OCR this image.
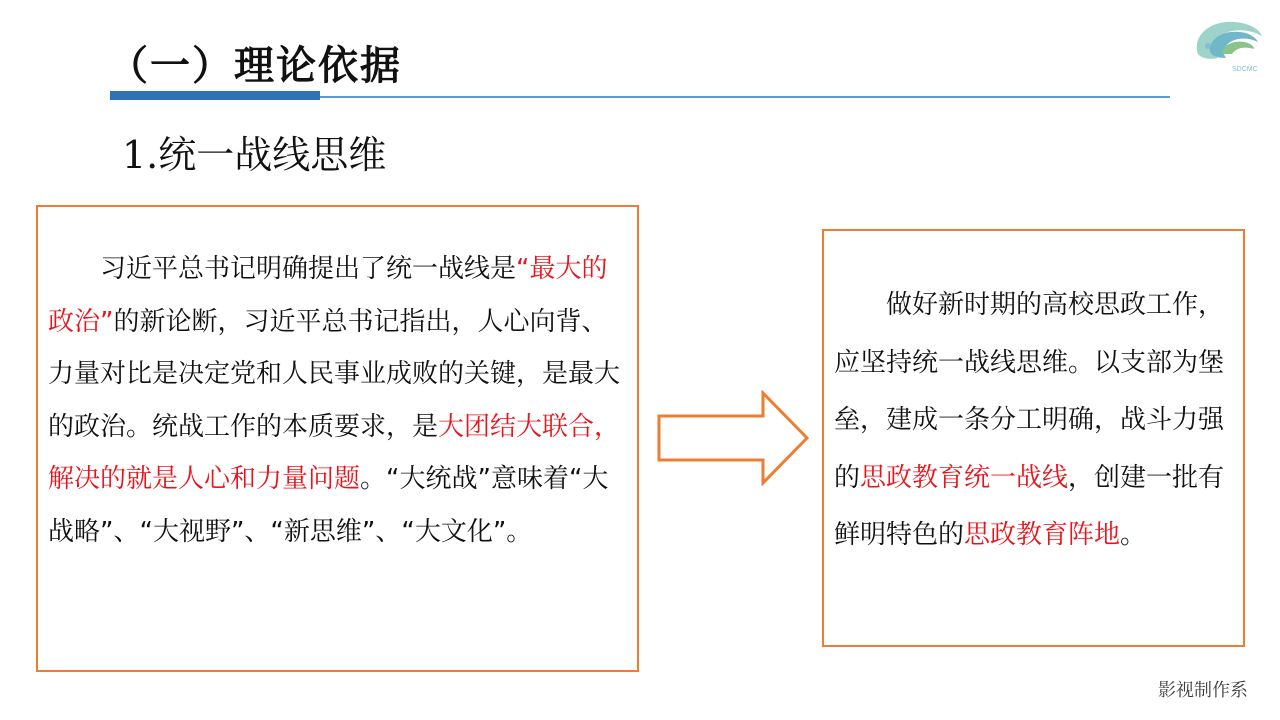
（一）理论依据	SDCMC
1.统一战线思维

习近平总书记明确提出了统一战线是“最大的政治”的新论断，习近平总书记指出，人心向背、力量对比是决定党和人民事业成败的关键，是最大的政治。统战工作的本质要求，是大团结大联合，解决的就是人心和力量问题。“大统战”意味着“大战略”、“大视野”、“新思维”、“大文化”。

做好新时期的高校思政工作，应坚持统一战线思维。以支部为堡垒，建成一条分工明确，战斗力强的思政教育统一战线，创建一批有鲜明特色的思政教育阵地。

影视制作系
